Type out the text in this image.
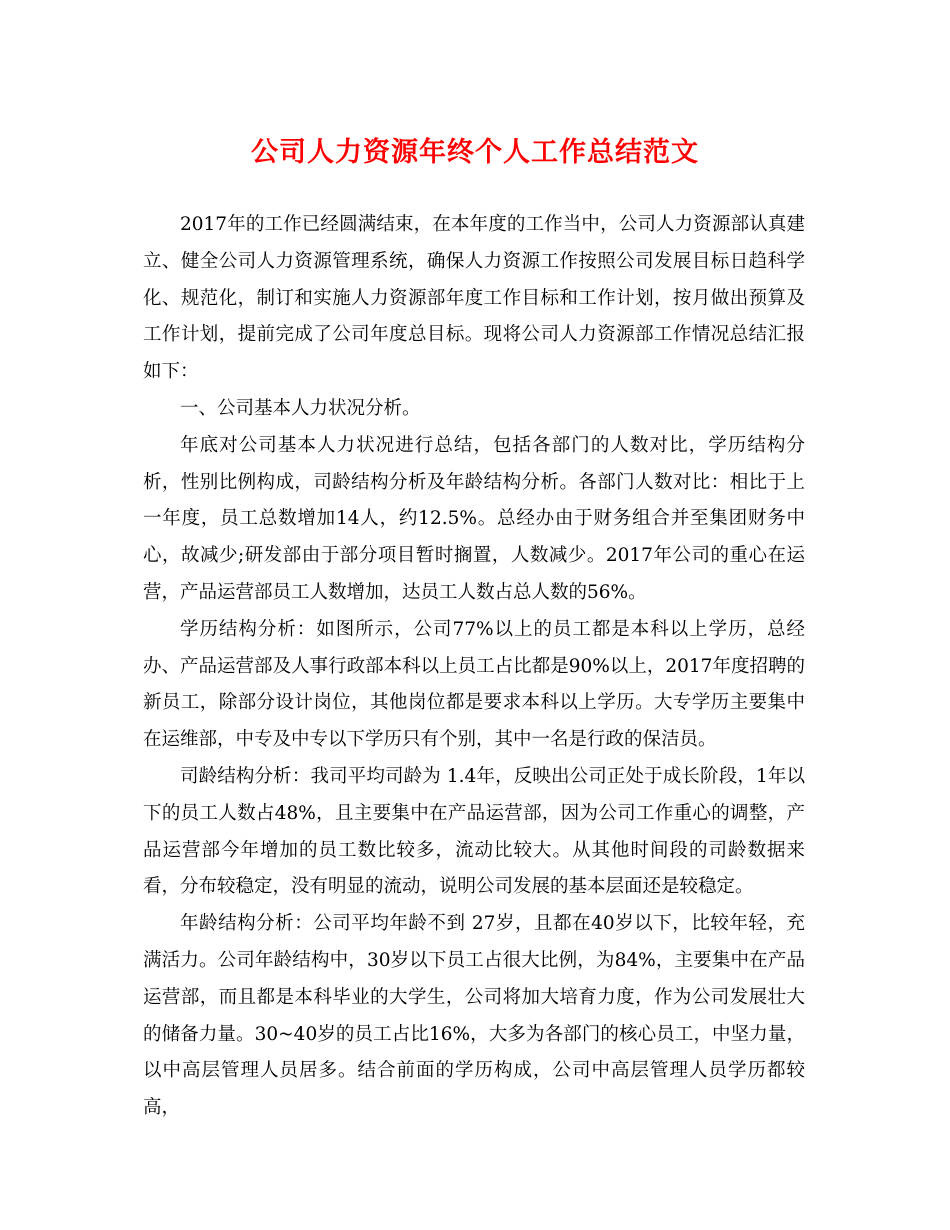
公司人力资源年终个人工作总结范文

2017年的工作已经圆满结束，在本年度的工作当中，公司人力资源部认真建立、健全公司人力资源管理系统，确保人力资源工作按照公司发展目标日趋科学化、规范化，制订和实施人力资源部年度工作目标和工作计划，按月做出预算及工作计划，提前完成了公司年度总目标。现将公司人力资源部工作情况总结汇报如下：

一、公司基本人力状况分析。

年底对公司基本人力状况进行总结，包括各部门的人数对比，学历结构分析，性别比例构成，司龄结构分析及年龄结构分析。各部门人数对比：相比于上一年度，员工总数增加14人，约12.5%。总经办由于财务组合并至集团财务中心，故减少;研发部由于部分项目暂时搁置，人数减少。2017年公司的重心在运营，产品运营部员工人数增加，达员工人数占总人数的56%。

学历结构分析：如图所示，公司77%以上的员工都是本科以上学历，总经办、产品运营部及人事行政部本科以上员工占比都是90%以上，2017年度招聘的新员工，除部分设计岗位，其他岗位都是要求本科以上学历。大专学历主要集中在运维部，中专及中专以下学历只有个别，其中一名是行政的保洁员。

司龄结构分析：我司平均司龄为 1.4年，反映出公司正处于成长阶段，1年以下的员工人数占48%，且主要集中在产品运营部，因为公司工作重心的调整，产品运营部今年增加的员工数比较多，流动比较大。从其他时间段的司龄数据来看，分布较稳定，没有明显的流动，说明公司发展的基本层面还是较稳定。

年龄结构分析：公司平均年龄不到 27岁，且都在40岁以下，比较年轻，充满活力。公司年龄结构中，30岁以下员工占很大比例，为84%，主要集中在产品运营部，而且都是本科毕业的大学生，公司将加大培育力度，作为公司发展壮大的储备力量。30~40岁的员工占比16%，大多为各部门的核心员工，中坚力量，以中高层管理人员居多。结合前面的学历构成，公司中高层管理人员学历都较高，
